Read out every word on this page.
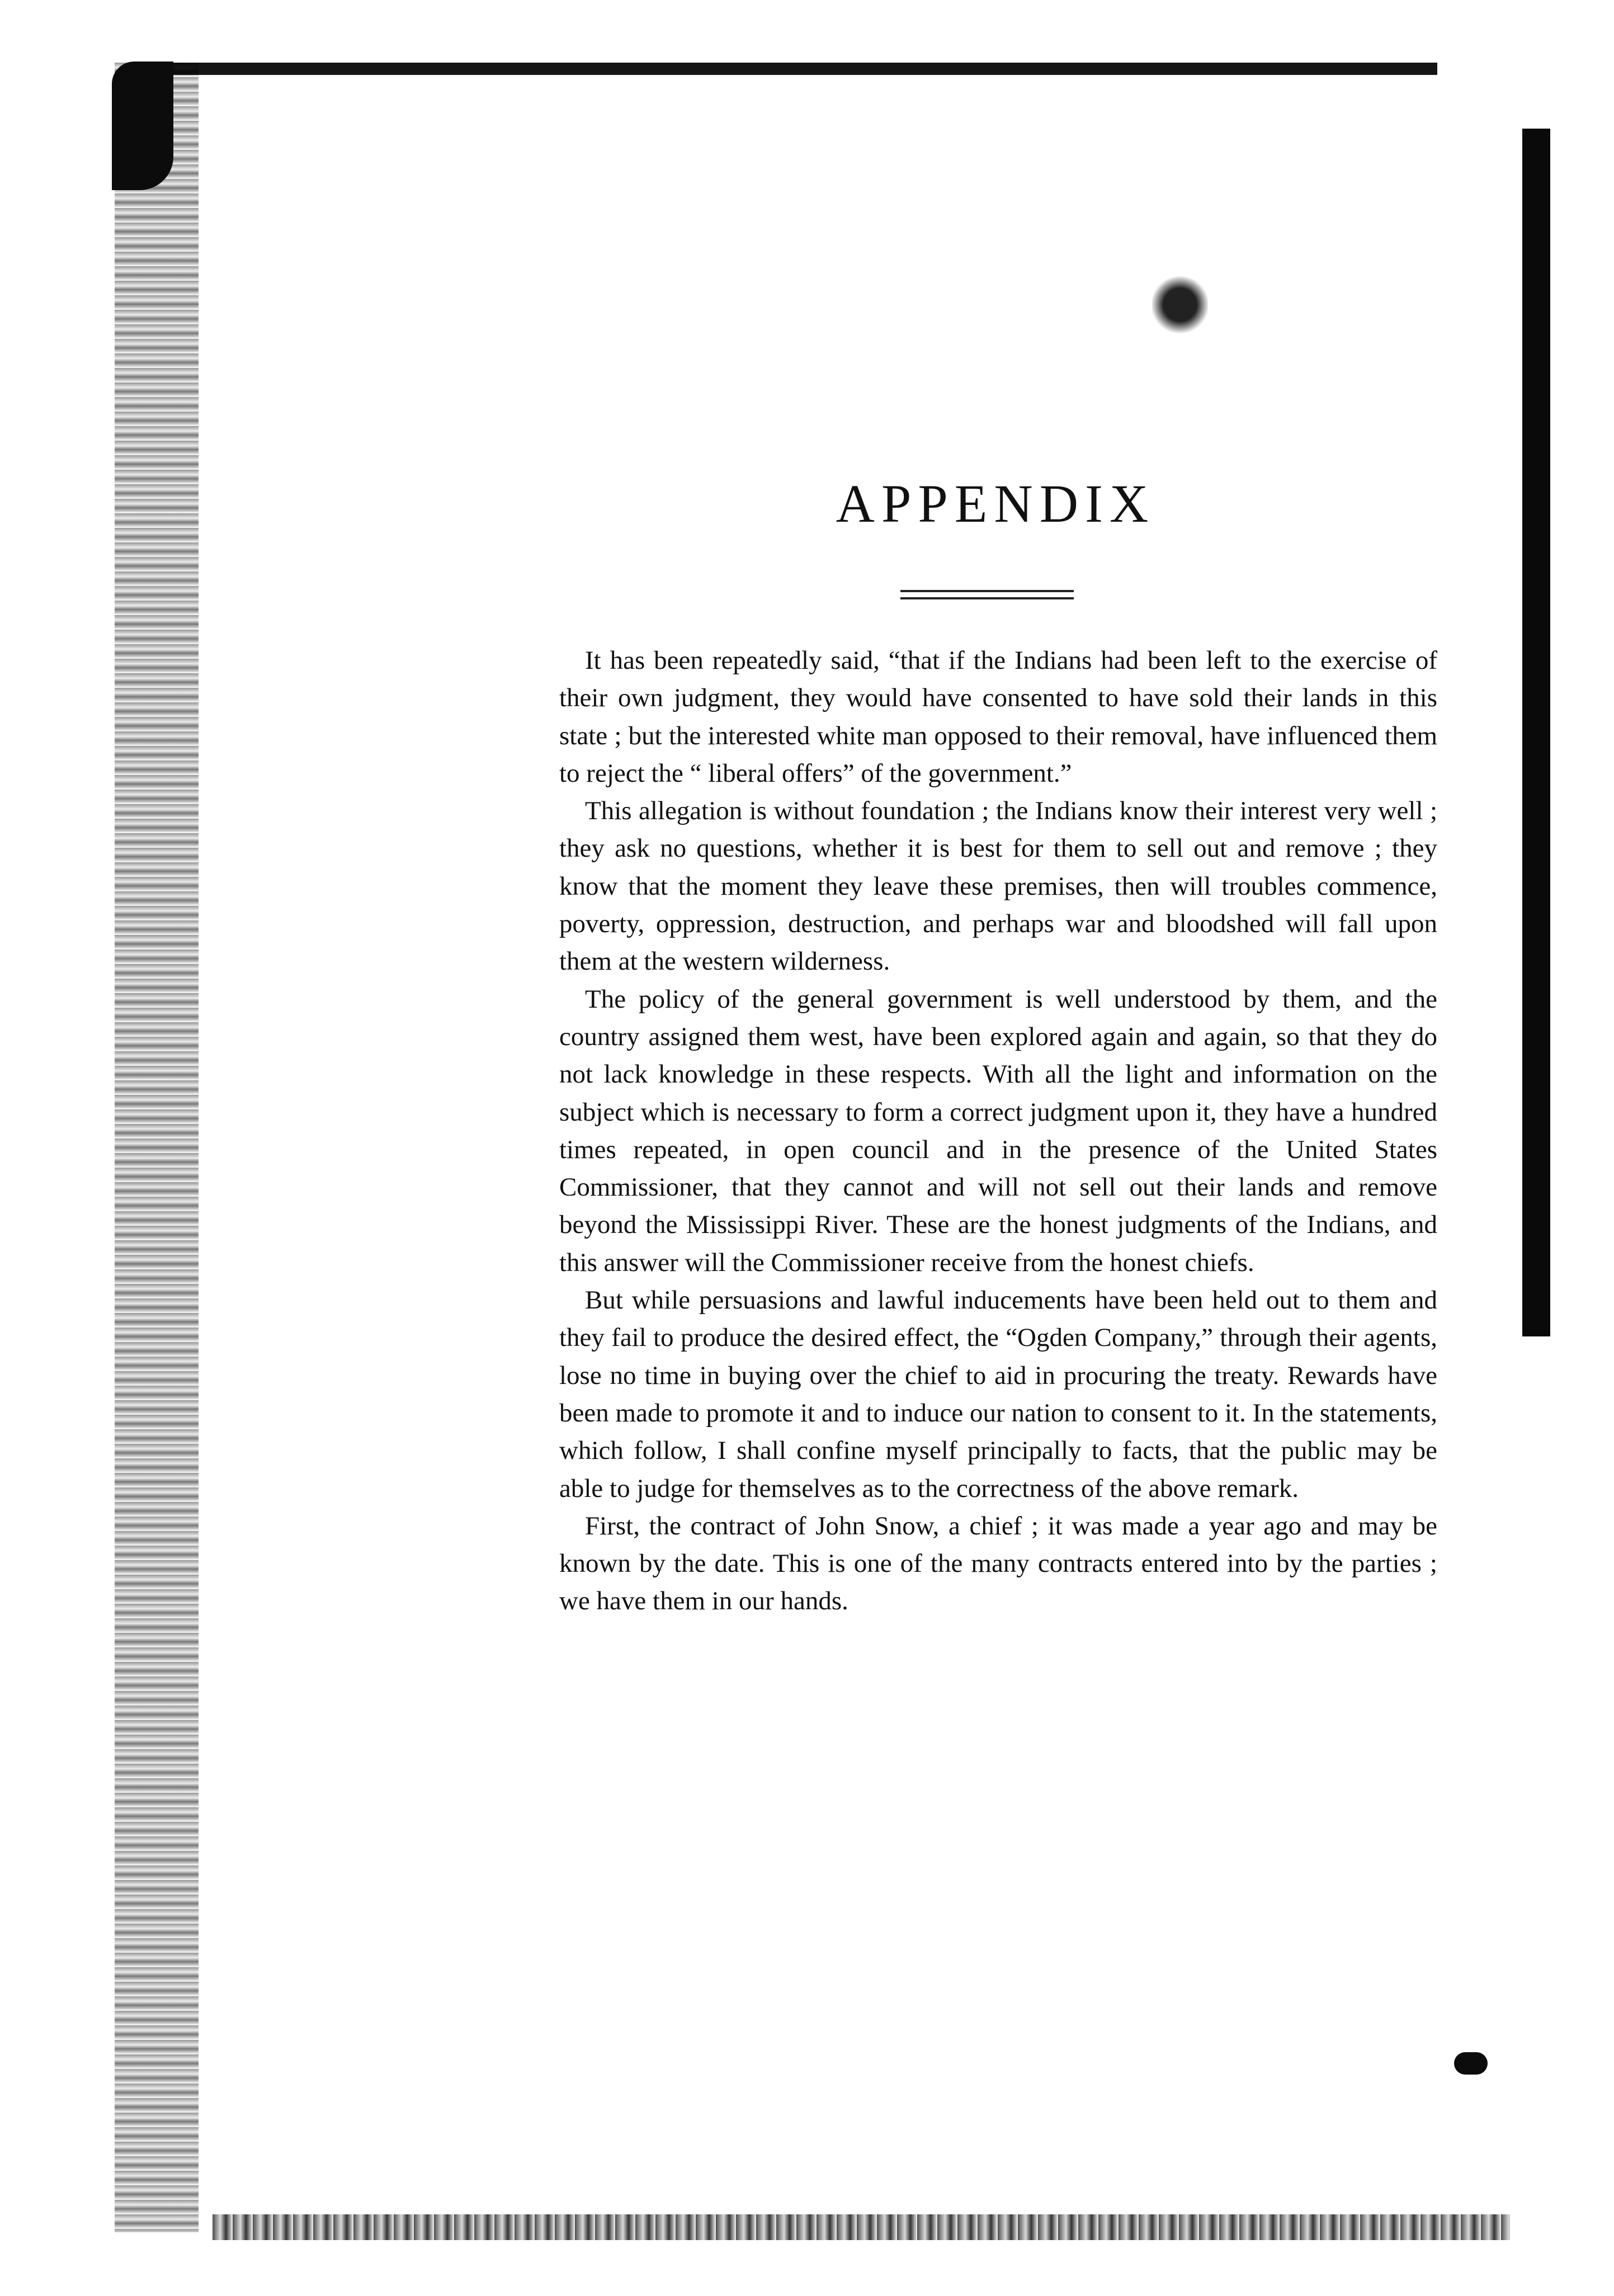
APPENDIX

It has been repeatedly said, “that if the Indians had been left to the exercise of their own judgment, they would have consented to have sold their lands in this state ; but the interested white man opposed to their removal, have influenced them to reject the “ liberal offers” of the government.”

This allegation is without foundation ; the Indians know their interest very well ; they ask no questions, whether it is best for them to sell out and remove ; they know that the moment they leave these premises, then will troubles commence, poverty, oppression, destruction, and perhaps war and bloodshed will fall upon them at the western wilderness.

The policy of the general government is well understood by them, and the country assigned them west, have been explored again and again, so that they do not lack knowledge in these respects. With all the light and information on the subject which is necessary to form a correct judgment upon it, they have a hundred times repeated, in open council and in the presence of the United States Commissioner, that they cannot and will not sell out their lands and remove beyond the Mississippi River. These are the honest judgments of the Indians, and this answer will the Commissioner receive from the honest chiefs.

But while persuasions and lawful inducements have been held out to them and they fail to produce the desired effect, the “Ogden Company,” through their agents, lose no time in buying over the chief to aid in procuring the treaty. Rewards have been made to promote it and to induce our nation to consent to it. In the statements, which follow, I shall confine myself principally to facts, that the public may be able to judge for themselves as to the correctness of the above remark.

First, the contract of John Snow, a chief ; it was made a year ago and may be known by the date. This is one of the many contracts entered into by the parties ; we have them in our hands.
